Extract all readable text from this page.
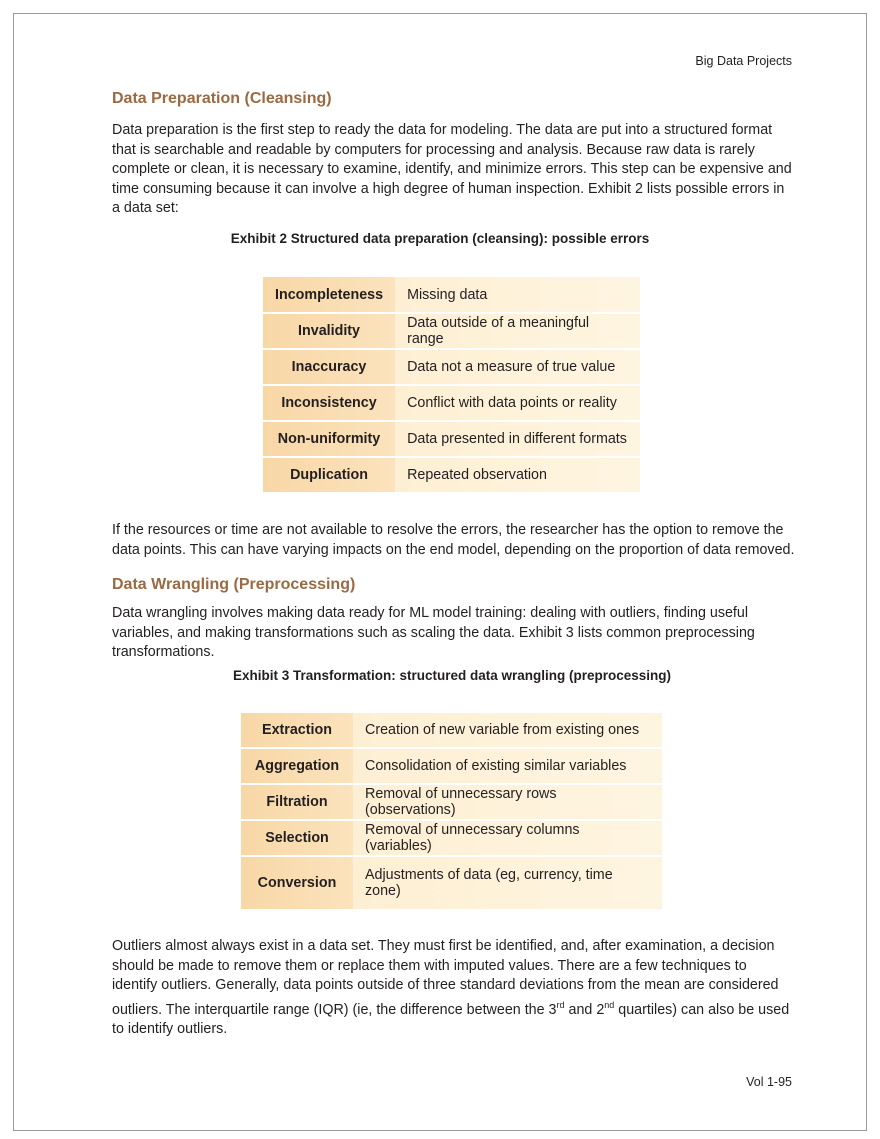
Big Data Projects
Data Preparation (Cleansing)

Data preparation is the first step to ready the data for modeling. The data are put into a structured format that is searchable and readable by computers for processing and analysis. Because raw data is rarely complete or clean, it is necessary to examine, identify, and minimize errors. This step can be expensive and time consuming because it can involve a high degree of human inspection. Exhibit 2 lists possible errors in a data set:

Exhibit 2 Structured data preparation (cleansing): possible errors
Incompleteness	Missing data
Invalidity	Data outside of a meaningful range
Inaccuracy	Data not a measure of true value
Inconsistency	Conflict with data points or reality
Non-uniformity	Data presented in different formats
Duplication	Repeated observation

If the resources or time are not available to resolve the errors, the researcher has the option to remove the data points. This can have varying impacts on the end model, depending on the proportion of data removed.

Data Wrangling (Preprocessing)

Data wrangling involves making data ready for ML model training: dealing with outliers, finding useful variables, and making transformations such as scaling the data. Exhibit 3 lists common preprocessing transformations.

Exhibit 3 Transformation: structured data wrangling (preprocessing)
Extraction	Creation of new variable from existing ones
Aggregation	Consolidation of existing similar variables
Filtration	Removal of unnecessary rows (observations)
Selection	Removal of unnecessary columns (variables)
Conversion	Adjustments of data (eg, currency, time zone)

Outliers almost always exist in a data set. They must first be identified, and, after examination, a decision should be made to remove them or replace them with imputed values. There are a few techniques to identify outliers. Generally, data points outside of three standard deviations from the mean are considered outliers. The interquartile range (IQR) (ie, the difference between the 3rd and 2nd quartiles) can also be used to identify outliers.

Vol 1-95
